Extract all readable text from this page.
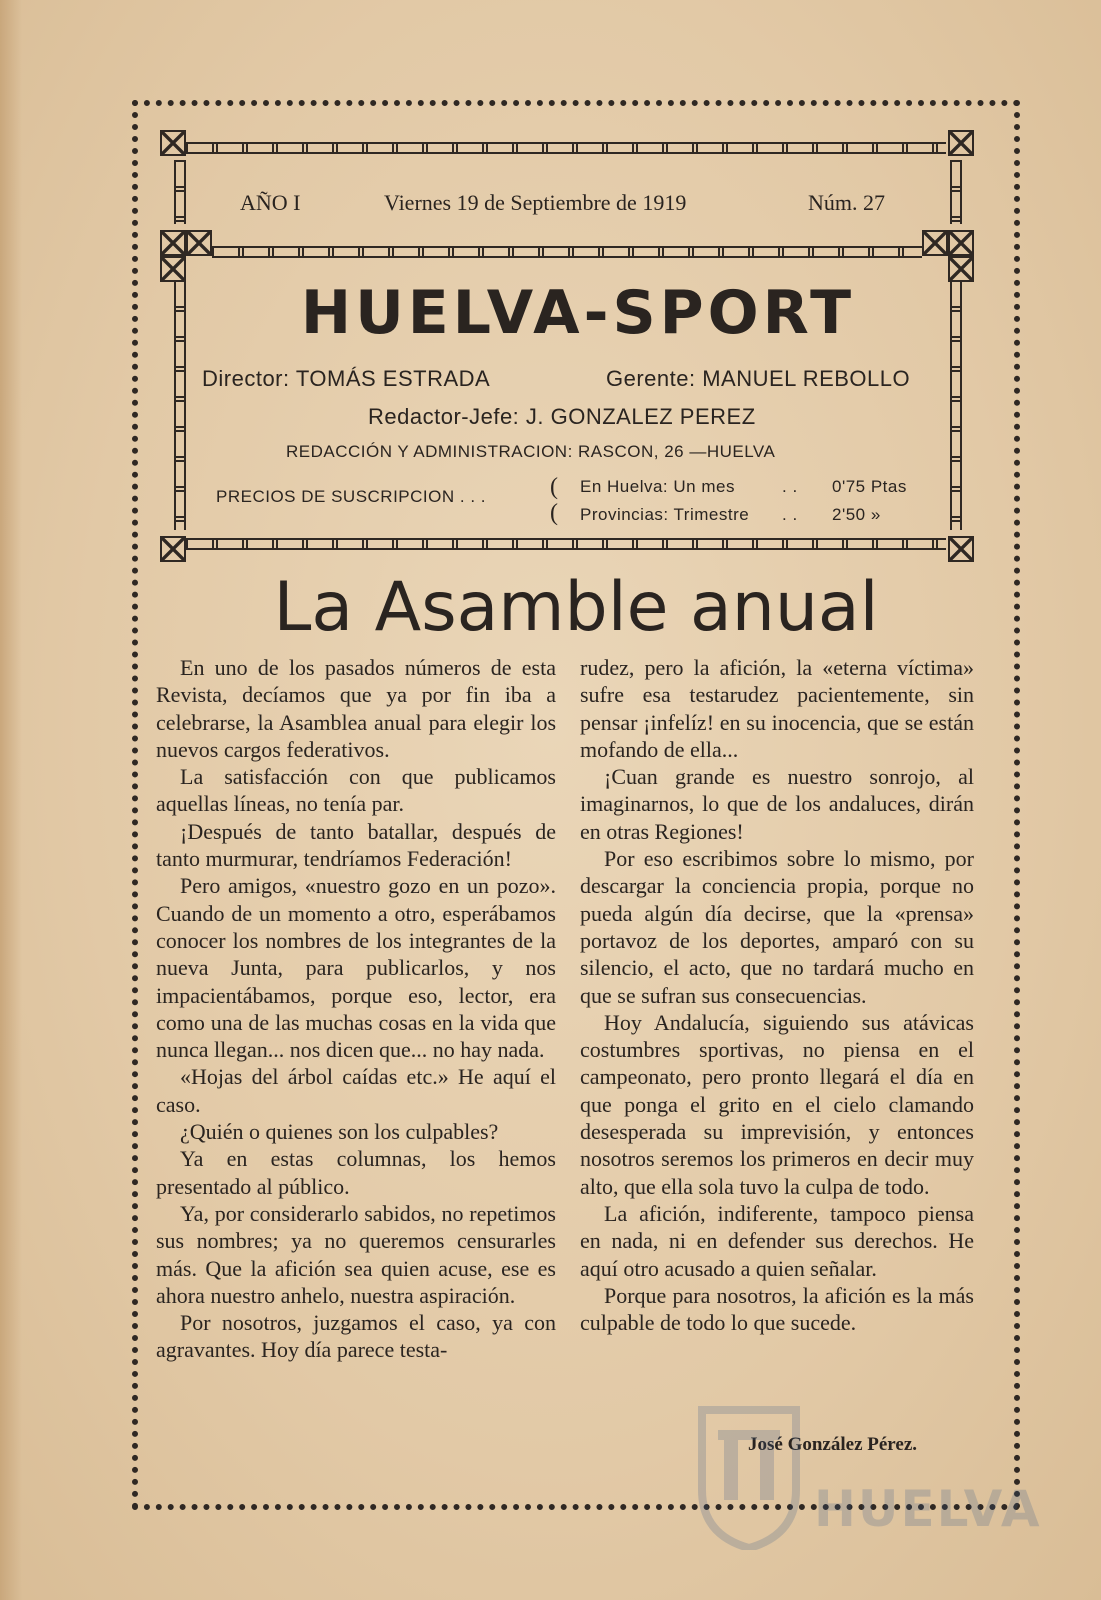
AÑO I	Viernes 19 de Septiembre de 1919	Núm. 27
HUELVA-SPORT
Director: TOMÁS ESTRADA	Gerente: MANUEL REBOLLO
Redactor-Jefe: J. GONZALEZ PEREZ
REDACCIÓN Y ADMINISTRACION: RASCON, 26 —HUELVA
PRECIOS DE SUSCRIPCION . . .	(
(
En Huelva: Un mes	. . 0'75 Ptas
Provincias: Trimestre . . 2'50 »
La Asamble anual

En uno de los pasados números de esta Revista, decíamos que ya por fin iba a celebrarse, la Asamblea anual para elegir los nuevos cargos federativos.

La satisfacción con que publicamos aquellas líneas, no tenía par.

¡Después de tanto batallar, después de tanto murmurar, tendríamos Federación!

Pero amigos, «nuestro gozo en un pozo». Cuando de un momento a otro, esperábamos conocer los nombres de los integrantes de la nueva Junta, para publicarlos, y nos impacientábamos, porque eso, lector, era como una de las muchas cosas en la vida que nunca llegan... nos dicen que... no hay nada.

«Hojas del árbol caídas etc.» He aquí el caso.

¿Quién o quienes son los culpables?

Ya en estas columnas, los hemos presentado al público.

Ya, por considerarlo sabidos, no repetimos sus nombres; ya no queremos censurarles más. Que la afición sea quien acuse, ese es ahora nuestro anhelo, nuestra aspiración.

Por nosotros, juzgamos el caso, ya con agravantes. Hoy día parece testa-

rudez, pero la afición, la «eterna víctima» sufre esa testarudez pacientemente, sin pensar ¡infelíz! en su inocencia, que se están mofando de ella...

¡Cuan grande es nuestro sonrojo, al imaginarnos, lo que de los andaluces, dirán en otras Regiones!

Por eso escribimos sobre lo mismo, por descargar la conciencia propia, porque no pueda algún día decirse, que la «prensa» portavoz de los deportes, amparó con su silencio, el acto, que no tardará mucho en que se sufran sus consecuencias.

Hoy Andalucía, siguiendo sus atávicas costumbres sportivas, no piensa en el campeonato, pero pronto llegará el día en que ponga el grito en el cielo clamando desesperada su imprevisión, y entonces nosotros seremos los primeros en decir muy alto, que ella sola tuvo la culpa de todo.

La afición, indiferente, tampoco piensa en nada, ni en defender sus derechos. He aquí otro acusado a quien señalar.

Porque para nosotros, la afición es la más culpable de todo lo que sucede.

José González Pérez.
HUELVA
